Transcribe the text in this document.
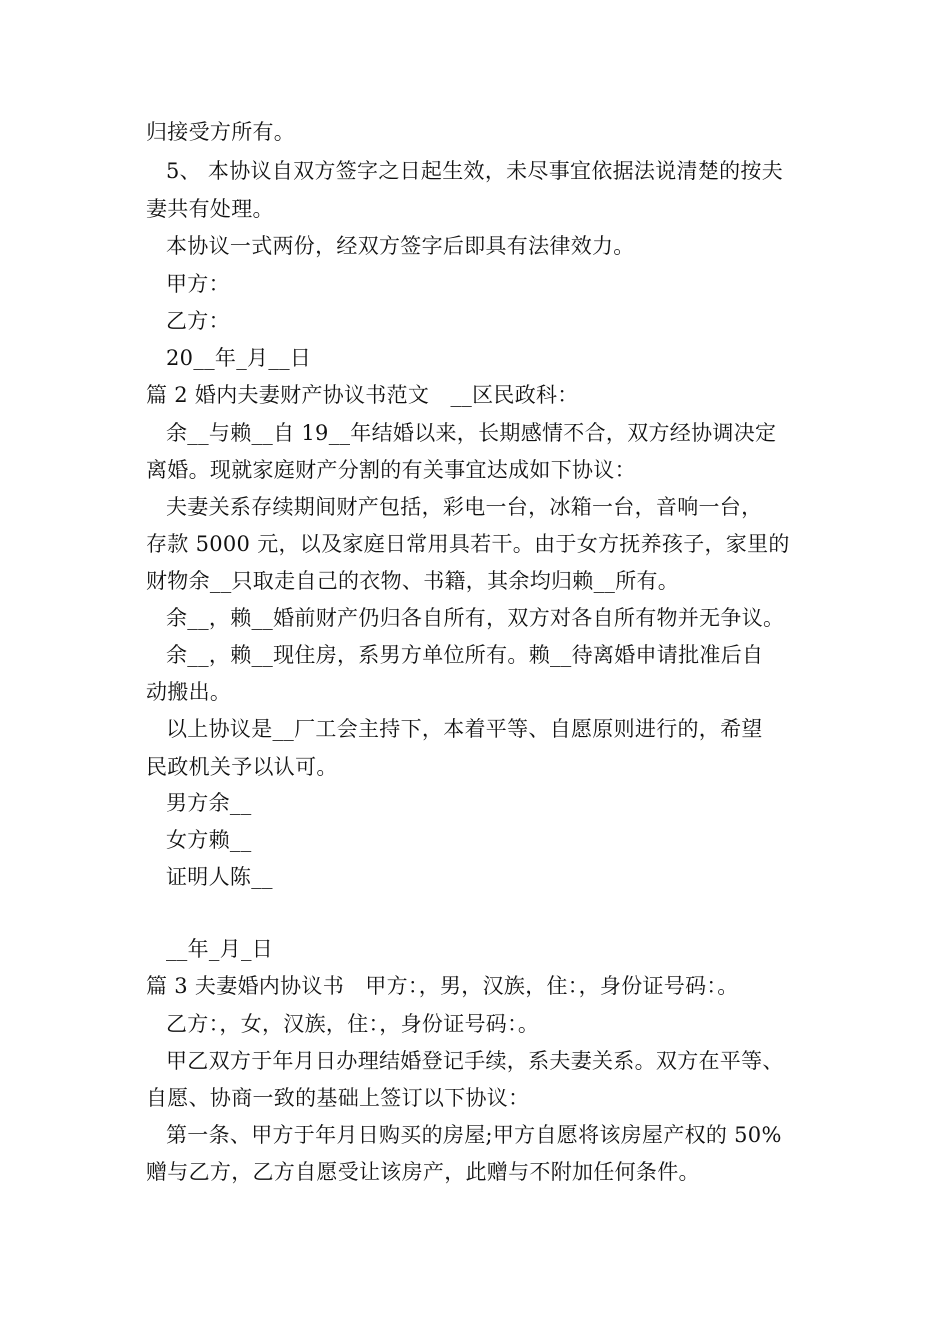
归接受方所有。
5、 本协议自双方签字之日起生效，未尽事宜依据法说清楚的按夫
妻共有处理。
本协议一式两份，经双方签字后即具有法律效力。
甲方：
乙方：
20__年_月__日
篇 2 婚内夫妻财产协议书范文　__区民政科：
余__与赖__自 19__年结婚以来，长期感情不合，双方经协调决定
离婚。现就家庭财产分割的有关事宜达成如下协议：
夫妻关系存续期间财产包括，彩电一台，冰箱一台，音响一台，
存款 5000 元，以及家庭日常用具若干。由于女方抚养孩子，家里的
财物余__只取走自己的衣物、书籍，其余均归赖__所有。
余__，赖__婚前财产仍归各自所有，双方对各自所有物并无争议。
余__，赖__现住房，系男方单位所有。赖__待离婚申请批准后自
动搬出。
以上协议是__厂工会主持下，本着平等、自愿原则进行的，希望
民政机关予以认可。
男方余__
女方赖__
证明人陈__
__年_月_日
篇 3 夫妻婚内协议书　甲方：，男，汉族，住：，身份证号码：。
乙方：，女，汉族，住：，身份证号码：。
甲乙双方于年月日办理结婚登记手续，系夫妻关系。双方在平等、
自愿、协商一致的基础上签订以下协议：
第一条、甲方于年月日购买的房屋;甲方自愿将该房屋产权的 50%
赠与乙方，乙方自愿受让该房产，此赠与不附加任何条件。
